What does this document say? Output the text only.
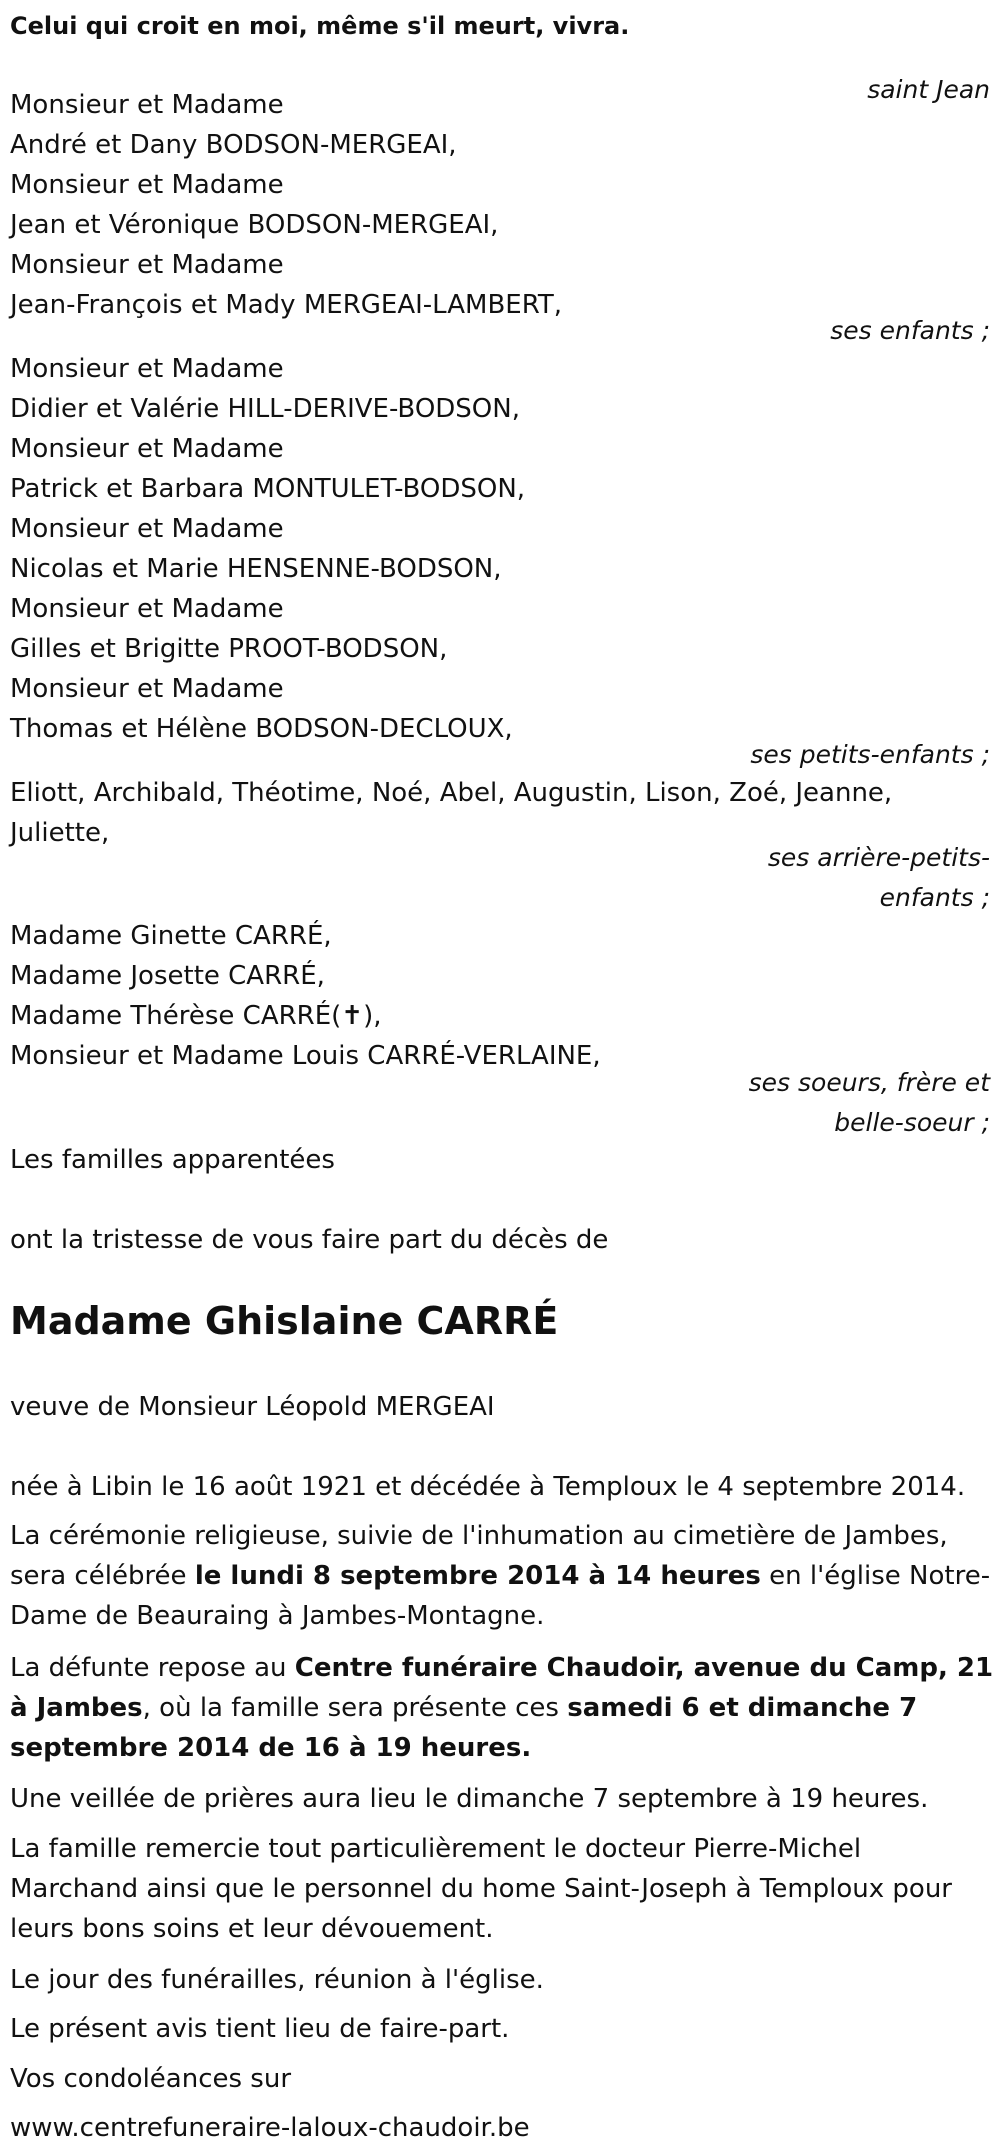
Celui qui croit en moi, même s'il meurt, vivra.
saint Jean
Monsieur et Madame
André et Dany BODSON-MERGEAI,
Monsieur et Madame
Jean et Véronique BODSON-MERGEAI,
Monsieur et Madame
Jean-François et Mady MERGEAI-LAMBERT,
ses enfants ;
Monsieur et Madame
Didier et Valérie HILL-DERIVE-BODSON,
Monsieur et Madame
Patrick et Barbara MONTULET-BODSON,
Monsieur et Madame
Nicolas et Marie HENSENNE-BODSON,
Monsieur et Madame
Gilles et Brigitte PROOT-BODSON,
Monsieur et Madame
Thomas et Hélène BODSON-DECLOUX,
ses petits-enfants ;
Eliott, Archibald, Théotime, Noé, Abel, Augustin, Lison, Zoé, Jeanne,
Juliette,
ses arrière-petits-
enfants ;
Madame Ginette CARRÉ,
Madame Josette CARRÉ,
Madame Thérèse CARRÉ(✝),
Monsieur et Madame Louis CARRÉ-VERLAINE,
ses soeurs, frère et
belle-soeur ;
Les familles apparentées
ont la tristesse de vous faire part du décès de
Madame Ghislaine CARRÉ
veuve de Monsieur Léopold MERGEAI
née à Libin le 16 août 1921 et décédée à Temploux le 4 septembre 2014.
La cérémonie religieuse, suivie de l'inhumation au cimetière de Jambes, sera célébrée le lundi 8 septembre 2014 à 14 heures en l'église Notre-Dame de Beauraing à Jambes-Montagne.
La défunte repose au Centre funéraire Chaudoir, avenue du Camp, 21 à Jambes, où la famille sera présente ces samedi 6 et dimanche 7 septembre 2014 de 16 à 19 heures.
Une veillée de prières aura lieu le dimanche 7 septembre à 19 heures.
La famille remercie tout particulièrement le docteur Pierre-Michel Marchand ainsi que le personnel du home Saint-Joseph à Temploux pour leurs bons soins et leur dévouement.
Le jour des funérailles, réunion à l'église.
Le présent avis tient lieu de faire-part.
Vos condoléances sur
www.centrefuneraire-laloux-chaudoir.be
